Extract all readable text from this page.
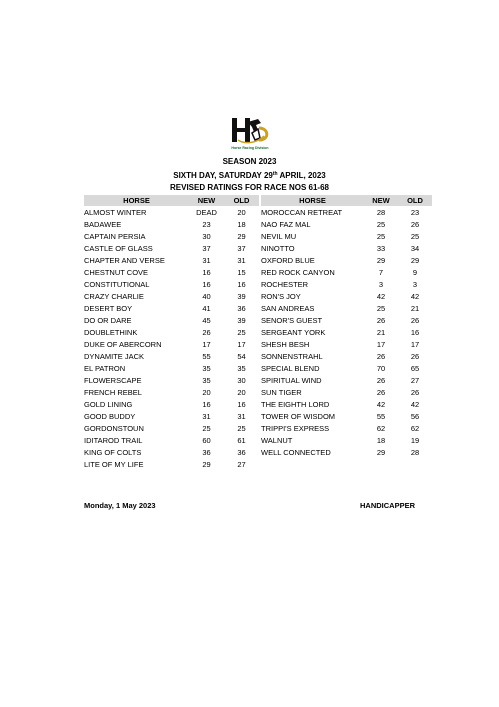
Horse Racing Division
SEASON 2023
SIXTH DAY, SATURDAY 29th APRIL, 2023
REVISED RATINGS FOR RACE NOS 61-68
HORSE	NEW	OLD
ALMOST WINTER	DEAD	20
BADAWEE	23	18
CAPTAIN PERSIA	30	29
CASTLE OF GLASS	37	37
CHAPTER AND VERSE	31	31
CHESTNUT COVE	16	15
CONSTITUTIONAL	16	16
CRAZY CHARLIE	40	39
DESERT BOY	41	36
DO OR DARE	45	39
DOUBLETHINK	26	25
DUKE OF ABERCORN	17	17
DYNAMITE JACK	55	54
EL PATRON	35	35
FLOWERSCAPE	35	30
FRENCH REBEL	20	20
GOLD LINING	16	16
GOOD BUDDY	31	31
GORDONSTOUN	25	25
IDITAROD TRAIL	60	61
KING OF COLTS	36	36
LITE OF MY LIFE	29	27
HORSE	NEW	OLD
MOROCCAN RETREAT	28	23
NAO FAZ MAL	25	26
NEVIL MU	25	25
NINOTTO	33	34
OXFORD BLUE	29	29
RED ROCK CANYON	7	9
ROCHESTER	3	3
RON'S JOY	42	42
SAN ANDREAS	25	21
SENOR'S GUEST	26	26
SERGEANT YORK	21	16
SHESH BESH	17	17
SONNENSTRAHL	26	26
SPECIAL BLEND	70	65
SPIRITUAL WIND	26	27
SUN TIGER	26	26
THE EIGHTH LORD	42	42
TOWER OF WISDOM	55	56
TRIPPI'S EXPRESS	62	62
WALNUT	18	19
WELL CONNECTED	29	28
Monday, 1 May 2023	HANDICAPPER
